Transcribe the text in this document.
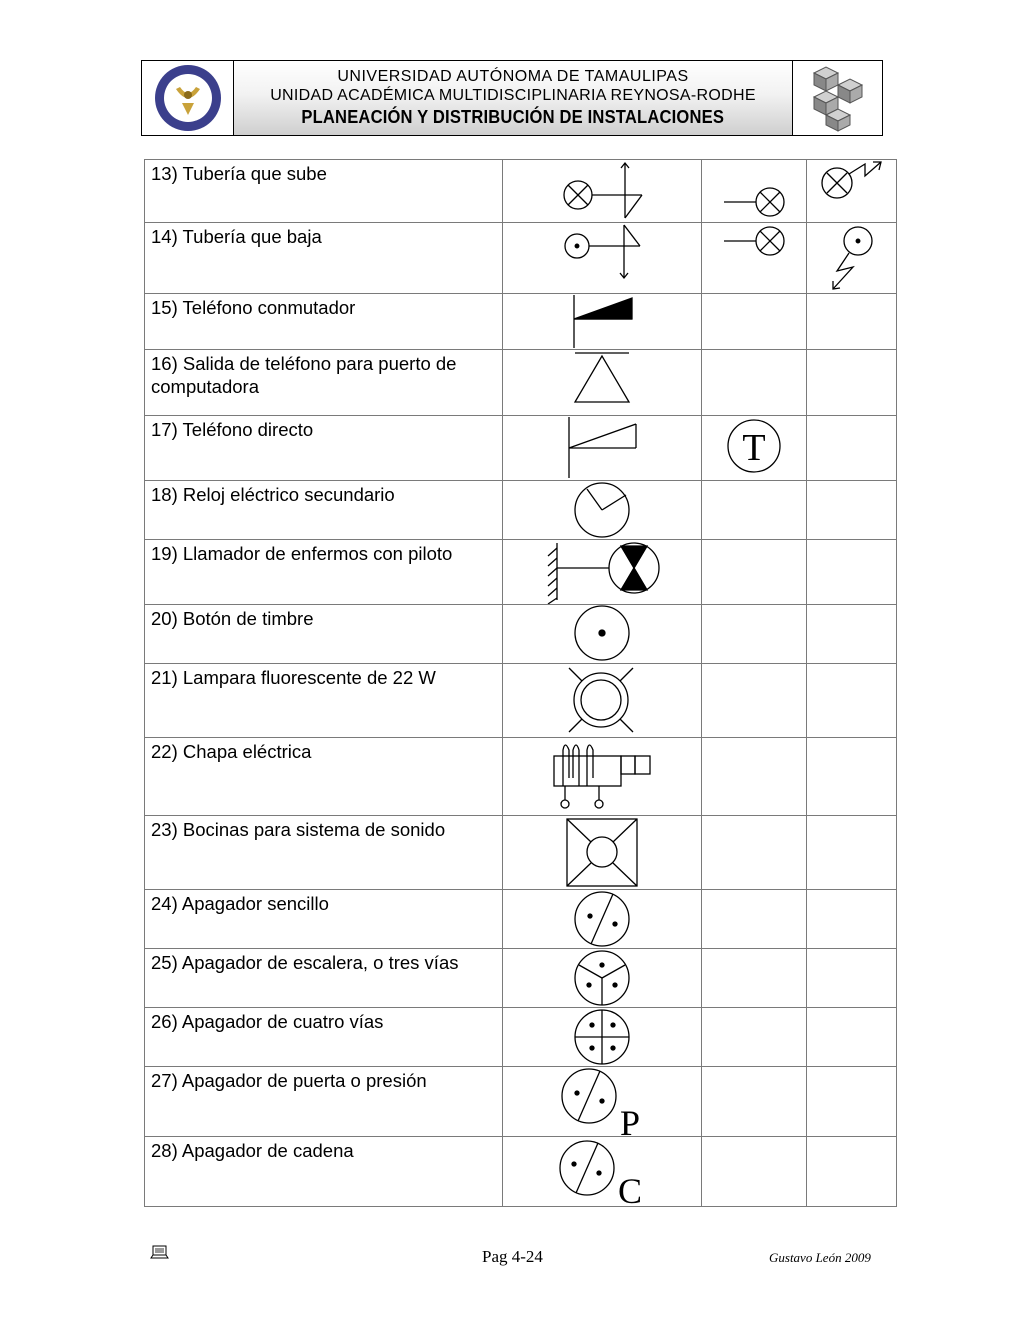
UNIVERSIDAD AUTÓNOMA DE TAMAULIPAS
UNIDAD ACADÉMICA MULTIDISCIPLINARIA REYNOSA-RODHE
PLANEACIÓN Y DISTRIBUCIÓN DE INSTALACIONES
13) Tubería que sube	

14) Tubería que baja	

15) Teléfono conmutador	

16) Salida de teléfono para puerto de computadora	

17) Teléfono directo		T	

18) Reloj eléctrico secundario	

19) Llamador de enfermos con piloto	

20) Botón de timbre	

21) Lampara fluorescente de 22 W	

22) Chapa eléctrica	

23) Bocinas para sistema de sonido	

24) Apagador sencillo	

25) Apagador de escalera, o tres vías	

26) Apagador de cuatro vías	

27) Apagador de puerta o presión	P		

28) Apagador de cadena	C		

Pag 4-24	Gustavo León 2009
